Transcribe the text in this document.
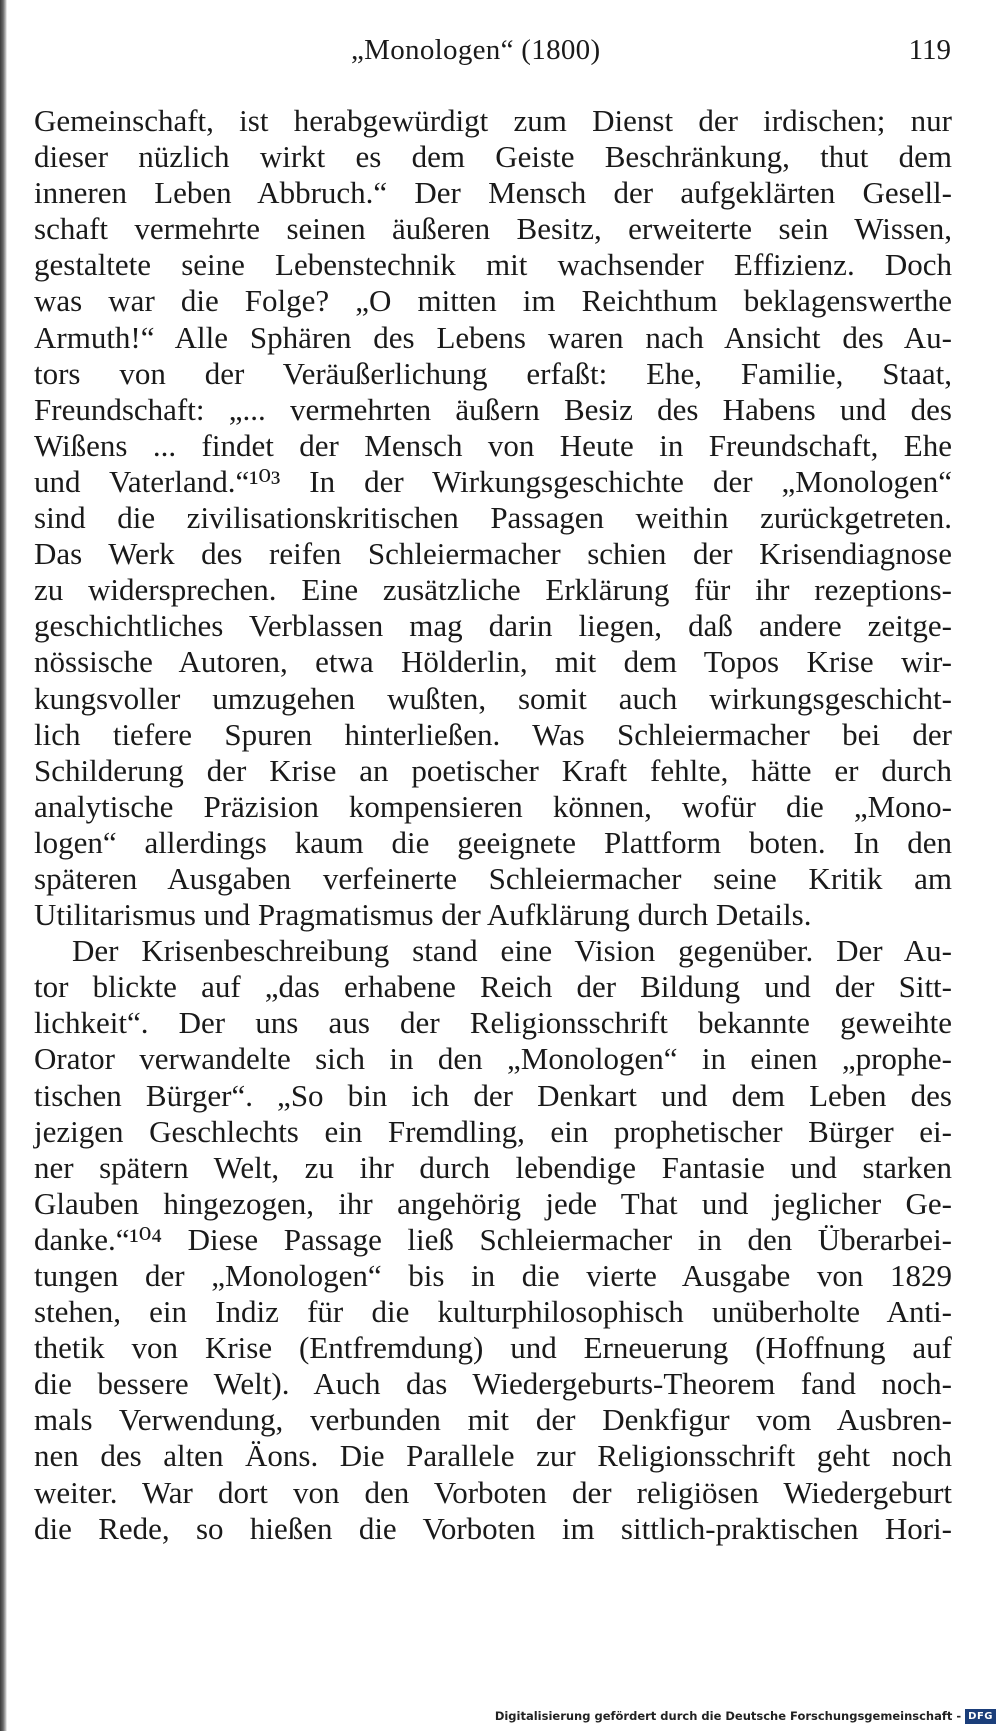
„Monologen“ (1800)	119
Gemeinschaft, ist herabgewürdigt zum Dienst der irdischen; nur
dieser nüzlich wirkt es dem Geiste Beschränkung, thut dem
inneren Leben Abbruch.“ Der Mensch der aufgeklärten Gesell-
schaft vermehrte seinen äußeren Besitz, erweiterte sein Wissen,
gestaltete seine Lebenstechnik mit wachsender Effizienz. Doch
was war die Folge? „O mitten im Reichthum beklagenswerthe
Armuth!“ Alle Sphären des Lebens waren nach Ansicht des Au-
tors von der Veräußerlichung erfaßt: Ehe, Familie, Staat,
Freundschaft: „... vermehrten äußern Besiz des Habens und des
Wißens ... findet der Mensch von Heute in Freundschaft, Ehe
und Vaterland.“¹⁰³ In der Wirkungsgeschichte der „Monologen“
sind die zivilisationskritischen Passagen weithin zurückgetreten.
Das Werk des reifen Schleiermacher schien der Krisendiagnose
zu widersprechen. Eine zusätzliche Erklärung für ihr rezeptions-
geschichtliches Verblassen mag darin liegen, daß andere zeitge-
nössische Autoren, etwa Hölderlin, mit dem Topos Krise wir-
kungsvoller umzugehen wußten, somit auch wirkungsgeschicht-
lich tiefere Spuren hinterließen. Was Schleiermacher bei der
Schilderung der Krise an poetischer Kraft fehlte, hätte er durch
analytische Präzision kompensieren können, wofür die „Mono-
logen“ allerdings kaum die geeignete Plattform boten. In den
späteren Ausgaben verfeinerte Schleiermacher seine Kritik am
Utilitarismus und Pragmatismus der Aufklärung durch Details.
Der Krisenbeschreibung stand eine Vision gegenüber. Der Au-
tor blickte auf „das erhabene Reich der Bildung und der Sitt-
lichkeit“. Der uns aus der Religionsschrift bekannte geweihte
Orator verwandelte sich in den „Monologen“ in einen „prophe-
tischen Bürger“. „So bin ich der Denkart und dem Leben des
jezigen Geschlechts ein Fremdling, ein prophetischer Bürger ei-
ner spätern Welt, zu ihr durch lebendige Fantasie und starken
Glauben hingezogen, ihr angehörig jede That und jeglicher Ge-
danke.“¹⁰⁴ Diese Passage ließ Schleiermacher in den Überarbei-
tungen der „Monologen“ bis in die vierte Ausgabe von 1829
stehen, ein Indiz für die kulturphilosophisch unüberholte Anti-
thetik von Krise (Entfremdung) und Erneuerung (Hoffnung auf
die bessere Welt). Auch das Wiedergeburts-Theorem fand noch-
mals Verwendung, verbunden mit der Denkfigur vom Ausbren-
nen des alten Äons. Die Parallele zur Religionsschrift geht noch
weiter. War dort von den Vorboten der religiösen Wiedergeburt
die Rede, so hießen die Vorboten im sittlich-praktischen Hori-
Digitalisierung gefördert durch die Deutsche Forschungsgemeinschaft - DFG
